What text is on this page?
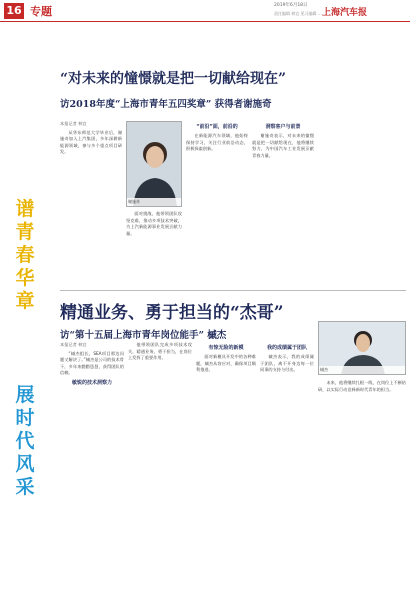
16 专题	2019年6月18日
责任编辑 林宜 见习编辑 ……
上海汽车报
谱
青
春
华
章
展
时
代
风
采
“对未来的憧憬就是把一切献给现在”
访2018年度“上海市青年五四奖章” 获得者谢施奇
本报记者 林宜

从华东师范大学毕业后，谢施奇加入上汽集团，多年深耕新能源领域，参与多个重点项目研发。

谢施奇

面对挑战，他带领团队攻坚克难，推动多项技术突破，为上汽新能源事业发展贡献力量。

“前沿”面，前沿的

在新能源汽车领域，他始终保持学习，关注行业前沿动态，积极探索创新。

洞察客户与前景

谢施奇表示，对未来的憧憬就是把一切献给现在，他将继续努力，为中国汽车工业发展贡献青春力量。

精通业务、勇于担当的“杰哥”
访“第十五届上海市青年岗位能手” 槭杰
槭杰
本报记者 林宜

“槭杰组长，SEA项目那边问题又解决了。”槭杰是公司的技术骨干，多年来勤勤恳恳，获得团队的信赖。

敏锐的技术洞察力

他带领团队完成多项技术攻关，精通业务，勇于担当，在岗位上发挥了重要作用。

有惊无险的新模

面对新模具开发中的各种难题，槭杰从容应对，确保项目顺利推进。

我的成绩属于团队

槭杰表示，我的成绩属于团队，离不开身边每一位同事的支持与付出。

未来，他将继续扎根一线，在岗位上不断钻研，以实际行动诠释新时代青年的担当。
